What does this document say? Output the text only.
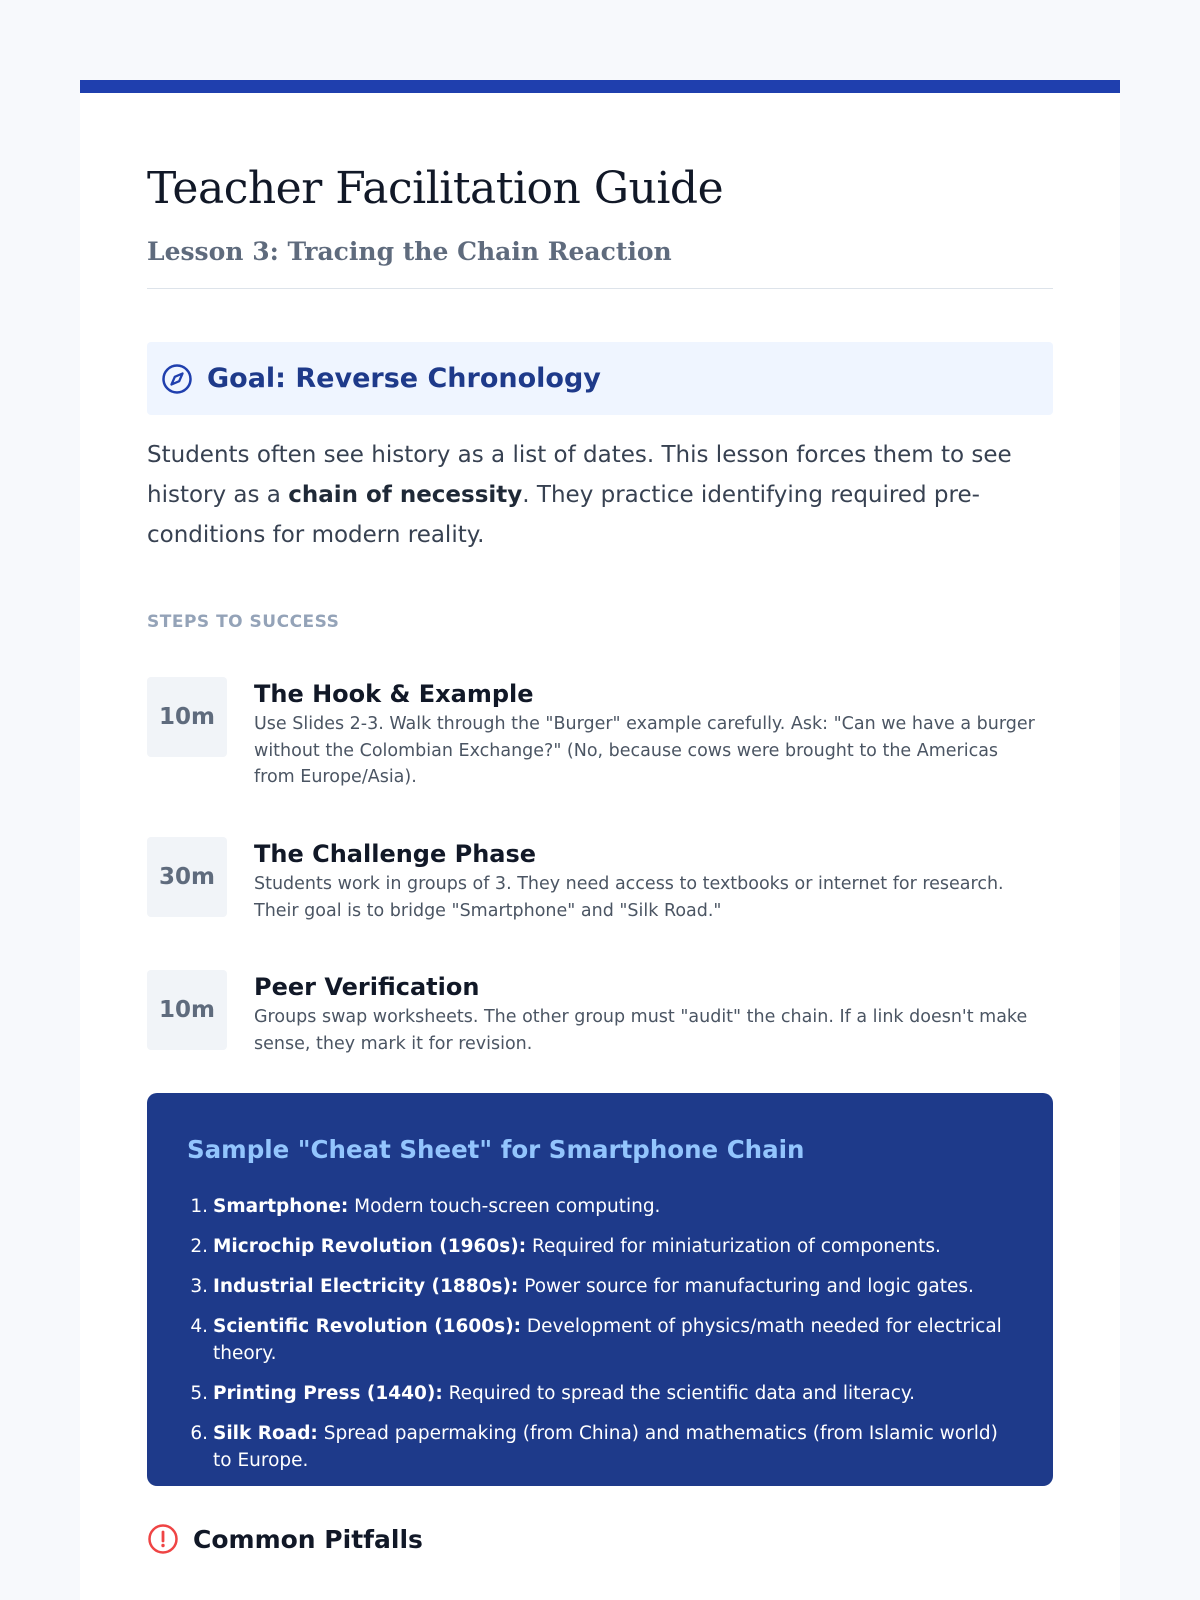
Teacher Facilitation Guide
Lesson 3: Tracing the Chain Reaction
Goal: Reverse Chronology

Students often see history as a list of dates. This lesson forces them to see history as a chain of necessity. They practice identifying required pre-conditions for modern reality.

STEPS TO SUCCESS

10m

The Hook & Example

Use Slides 2-3. Walk through the "Burger" example carefully. Ask: "Can we have a burger without the Colombian Exchange?" (No, because cows were brought to the Americas from Europe/Asia).

30m

The Challenge Phase

Students work in groups of 3. They need access to textbooks or internet for research. Their goal is to bridge "Smartphone" and "Silk Road."

10m

Peer Verification

Groups swap worksheets. The other group must "audit" the chain. If a link doesn't make sense, they mark it for revision.

Sample "Cheat Sheet" for Smartphone Chain

1. Smartphone: Modern touch-screen computing.
2. Microchip Revolution (1960s): Required for miniaturization of components.
3. Industrial Electricity (1880s): Power source for manufacturing and logic gates.
4. Scientific Revolution (1600s): Development of physics/math needed for electrical theory.
5. Printing Press (1440): Required to spread the scientific data and literacy.
6. Silk Road: Spread papermaking (from China) and mathematics (from Islamic world) to Europe.
Common Pitfalls
